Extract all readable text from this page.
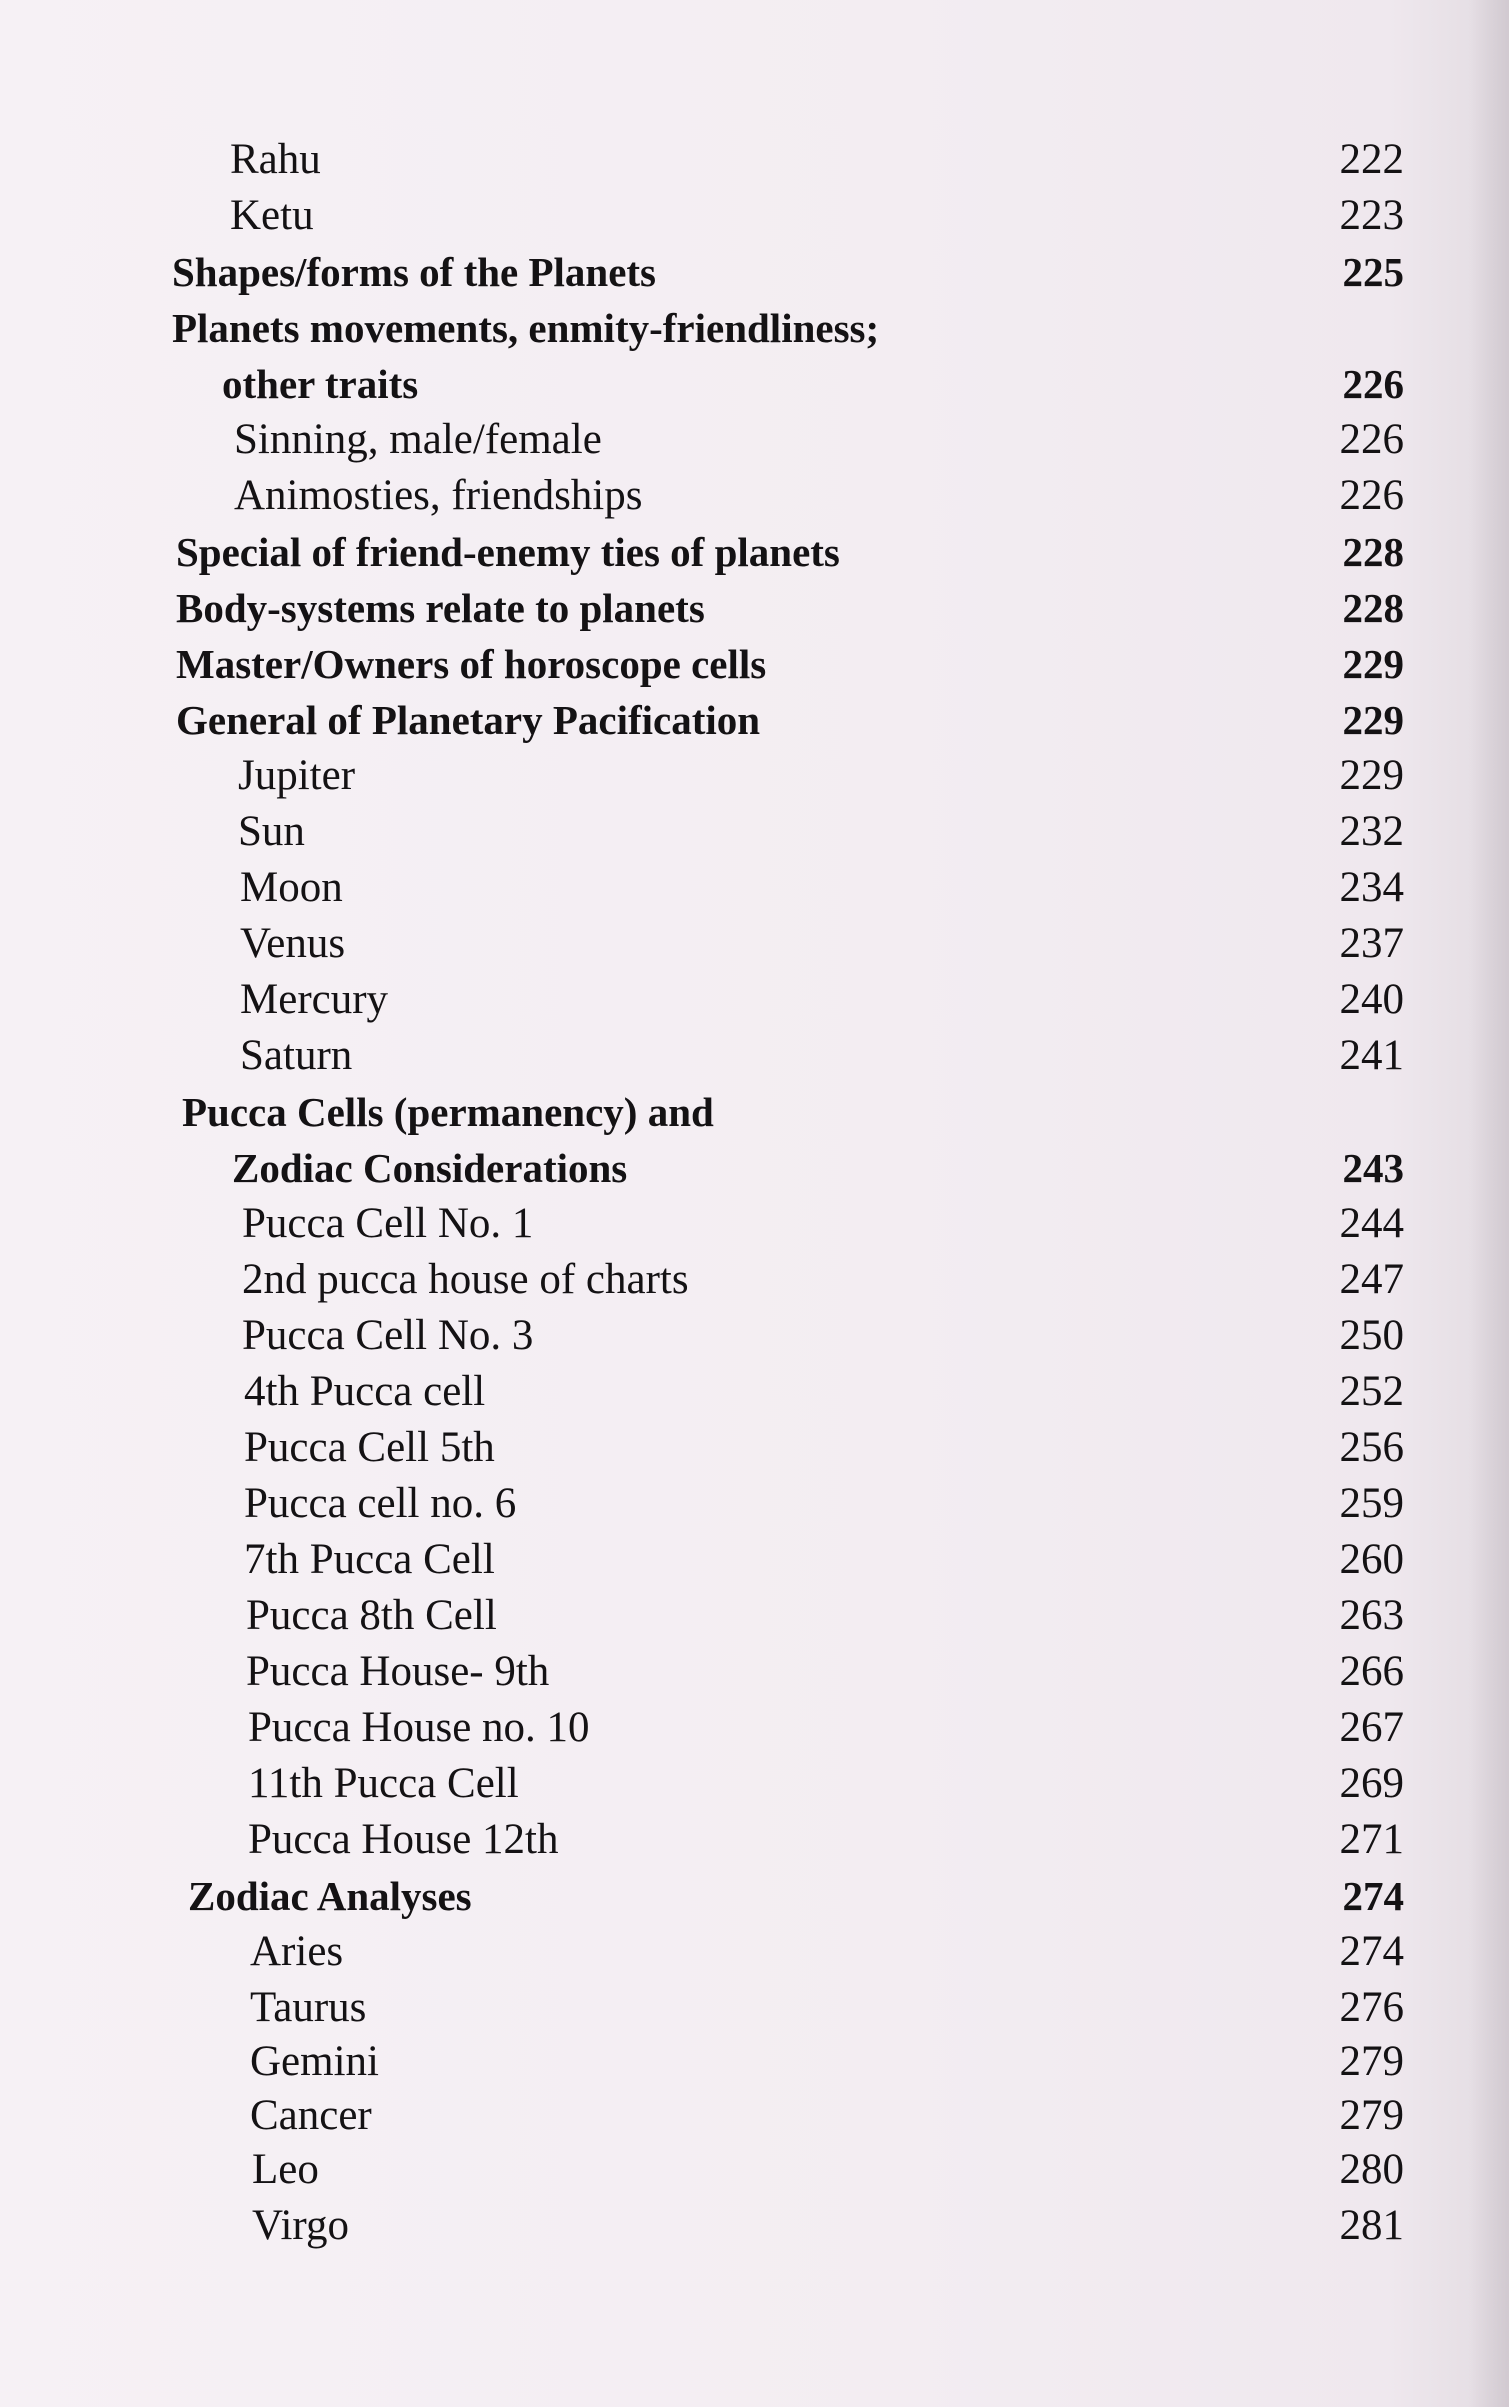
Rahu	222
Ketu	223
Shapes/forms of the Planets	225
Planets movements, enmity-friendliness;
other traits	226
Sinning, male/female	226
Animosties, friendships	226
Special of friend-enemy ties of planets	228
Body-systems relate to planets	228
Master/Owners of horoscope cells	229
General of Planetary Pacification	229
Jupiter	229
Sun	232
Moon	234
Venus	237
Mercury	240
Saturn	241
Pucca Cells (permanency) and
Zodiac Considerations	243
Pucca Cell No. 1	244
2nd pucca house of charts	247
Pucca Cell No. 3	250
4th Pucca cell	252
Pucca Cell 5th	256
Pucca cell no. 6	259
7th Pucca Cell	260
Pucca 8th Cell	263
Pucca House- 9th	266
Pucca House no. 10	267
11th Pucca Cell	269
Pucca House 12th	271
Zodiac Analyses	274
Aries	274
Taurus	276
Gemini	279
Cancer	279
Leo	280
Virgo	281
